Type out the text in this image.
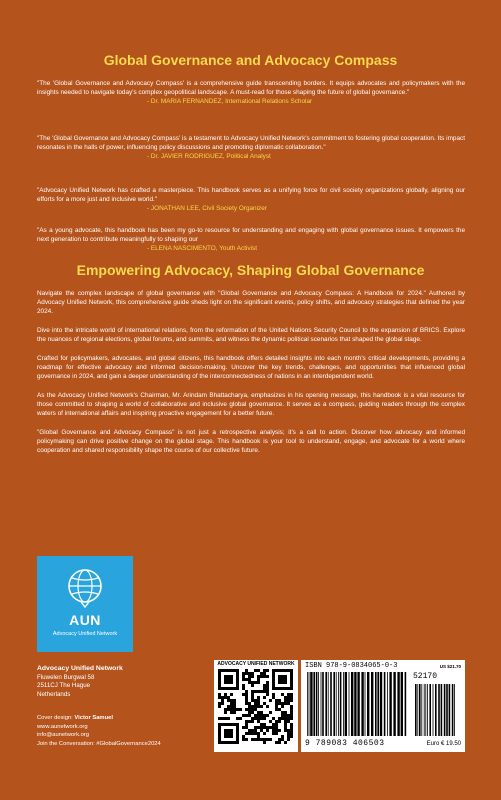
Global Governance and Advocacy Compass

"The 'Global Governance and Advocacy Compass' is a comprehensive guide transcending borders. It equips advocates and policymakers with the insights needed to navigate today's complex geopolitical landscape. A must-read for those shaping the future of global governance."

- Dr. MARIA FERNANDEZ, International Relations Scholar

"The 'Global Governance and Advocacy Compass' is a testament to Advocacy Unified Network's commitment to fostering global cooperation. Its impact resonates in the halls of power, influencing policy discussions and promoting diplomatic collaboration."

- Dr. JAVIER RODRIGUEZ, Political Analyst

"Advocacy Unified Network has crafted a masterpiece. This handbook serves as a unifying force for civil society organizations globally, aligning our efforts for a more just and inclusive world."

- JONATHAN LEE, Civil Society Organizer

"As a young advocate, this handbook has been my go-to resource for understanding and engaging with global governance issues. It empowers the next generation to contribute meaningfully to shaping our

- ELENA NASCIMENTO, Youth Activist

Empowering Advocacy, Shaping Global Governance

Navigate the complex landscape of global governance with "Global Governance and Advocacy Compass: A Handbook for 2024." Authored by Advocacy Unified Network, this comprehensive guide sheds light on the significant events, policy shifts, and advocacy strategies that defined the year 2024.

Dive into the intricate world of international relations, from the reformation of the United Nations Security Council to the expansion of BRICS. Explore the nuances of regional elections, global forums, and summits, and witness the dynamic political scenarios that shaped the global stage.

Crafted for policymakers, advocates, and global citizens, this handbook offers detailed insights into each month's critical developments, providing a roadmap for effective advocacy and informed decision-making. Uncover the key trends, challenges, and opportunities that influenced global governance in 2024, and gain a deeper understanding of the interconnectedness of nations in an interdependent world.

As the Advocacy Unified Network's Chairman, Mr. Arindam Bhattacharya, emphasizes in his opening message, this handbook is a vital resource for those committed to shaping a world of collaborative and inclusive global governance. It serves as a compass, guiding readers through the complex waters of international affairs and inspiring proactive engagement for a better future.

"Global Governance and Advocacy Compass" is not just a retrospective analysis; it's a call to action. Discover how advocacy and informed policymaking can drive positive change on the global stage. This handbook is your tool to understand, engage, and advocate for a world where cooperation and shared responsibility shape the course of our collective future.

AUN
Advocacy Unified Network
Advocacy Unified Network
Fluwelen Burgwal 58
2511CJ The Hague
Netherlands
Cover design: Victor Samuel
www.aunetwork.org
info@aunetwork.org
Join the Conversation: #GlobalGovernance2024
ADVOCACY UNIFIED NETWORK	ISBN 978-9-0834065-0-3	US $21.70
52170
9 789083 406503	Euro € 19.50
